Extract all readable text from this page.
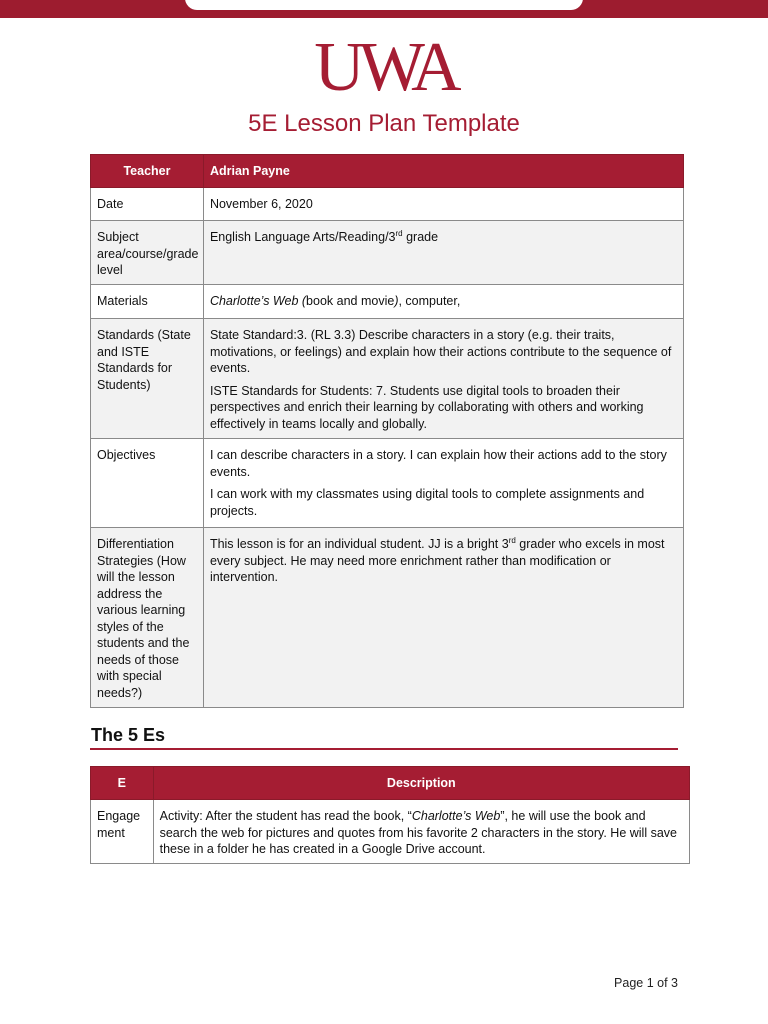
UWA
5E Lesson Plan Template
Teacher	Adrian Payne
Date	November 6, 2020
Subject area/course/grade level	English Language Arts/Reading/3rd grade
Materials	Charlotte’s Web (book and movie), computer,
Standards (State and ISTE Standards for Students)	State Standard:3. (RL 3.3) Describe characters in a story (e.g. their traits, motivations, or feelings) and explain how their actions contribute to the sequence of events.

ISTE Standards for Students: 7. Students use digital tools to broaden their perspectives and enrich their learning by collaborating with others and working effectively in teams locally and globally.

Objectives	I can describe characters in a story. I can explain how their actions add to the story events.

I can work with my classmates using digital tools to complete assignments and projects.

Differentiation Strategies (How will the lesson address the various learning styles of the students and the needs of those with special needs?)	This lesson is for an individual student. JJ is a bright 3rd grader who excels in most every subject. He may need more enrichment rather than modification or intervention.
The 5 Es
E	Description
Engagement	Activity: After the student has read the book, “Charlotte’s Web”, he will use the book and search the web for pictures and quotes from his favorite 2 characters in the story. He will save these in a folder he has created in a Google Drive account.
Page 1 of 3
